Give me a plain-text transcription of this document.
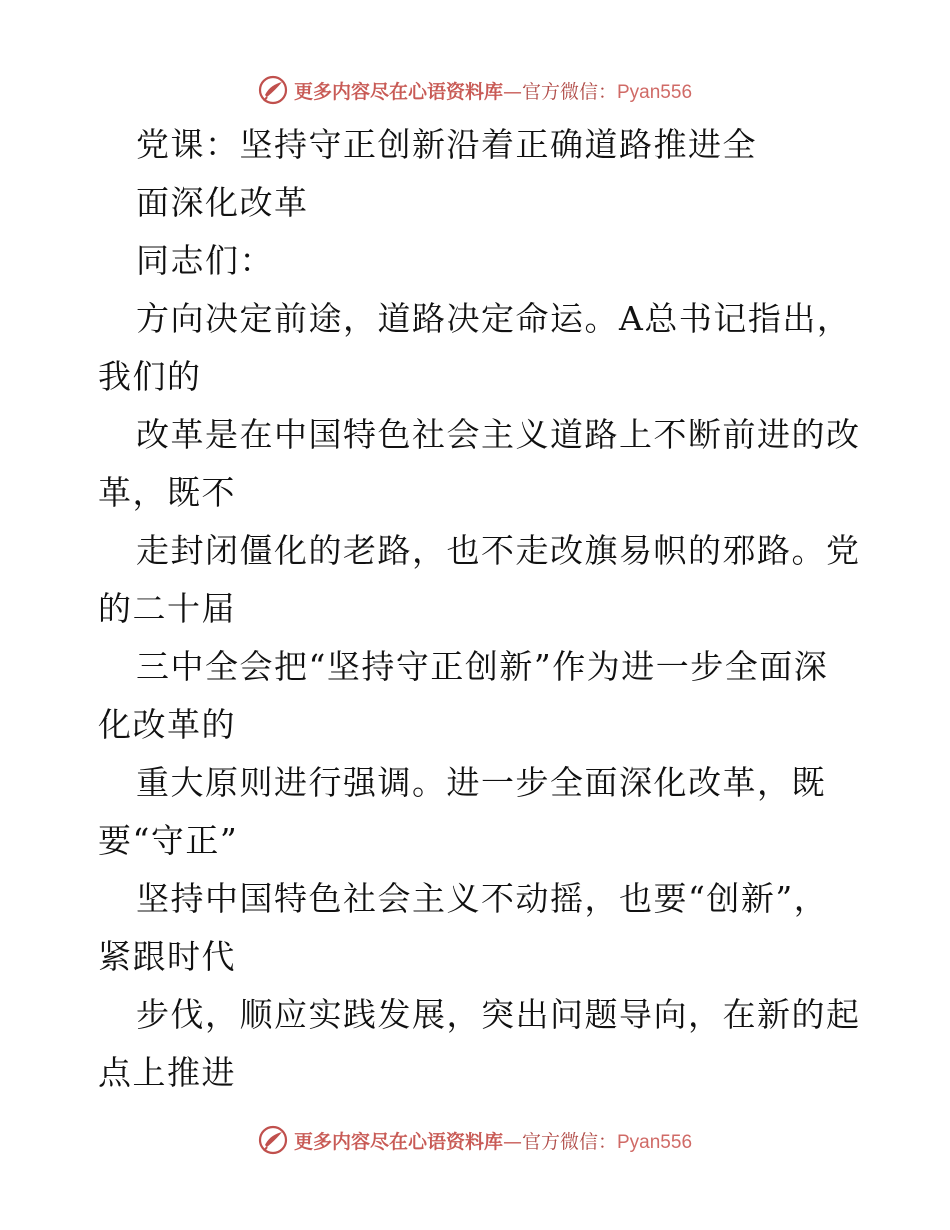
更多内容尽在心语资料库—官方微信：Pyan556
党课：坚持守正创新沿着正确道路推进全
面深化改革
同志们：
方向决定前途，道路决定命运。A总书记指出，
我们的
改革是在中国特色社会主义道路上不断前进的改
革，既不
走封闭僵化的老路，也不走改旗易帜的邪路。党
的二十届
三中全会把“坚持守正创新”作为进一步全面深
化改革的
重大原则进行强调。进一步全面深化改革，既
要“守正”
坚持中国特色社会主义不动摇，也要“创新”，
紧跟时代
步伐，顺应实践发展，突出问题导向，在新的起
点上推进
更多内容尽在心语资料库—官方微信：Pyan556
